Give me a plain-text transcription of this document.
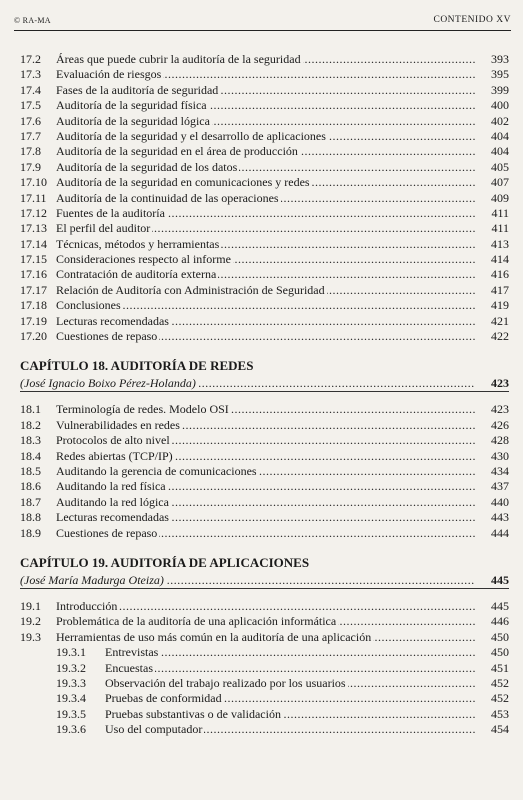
© RA-MA	CONTENIDO XV
17.2 Áreas que puede cubrir la auditoría de la seguridad .....	393
17.3 Evaluación de riesgos .....	395
17.4 Fases de la auditoría de seguridad .....	399
17.5 Auditoría de la seguridad física .....	400
17.6 Auditoría de la seguridad lógica .....	402
17.7 Auditoría de la seguridad y el desarrollo de aplicaciones .....	404
17.8 Auditoría de la seguridad en el área de producción .....	404
17.9 Auditoría de la seguridad de los datos .....	405
17.10 Auditoría de la seguridad en comunicaciones y redes .....	407
17.11 Auditoría de la continuidad de las operaciones .....	409
17.12 Fuentes de la auditoría .....	411
17.13 El perfil del auditor .....	411
17.14 Técnicas, métodos y herramientas .....	413
17.15 Consideraciones respecto al informe .....	414
17.16 Contratación de auditoría externa .....	416
17.17 Relación de Auditoría con Administración de Seguridad .....	417
17.18 Conclusiones .....	419
17.19 Lecturas recomendadas .....	421
17.20 Cuestiones de repaso .....	422
CAPÍTULO 18. AUDITORÍA DE REDES
(José Ignacio Boixo Pérez-Holanda) .....	423
18.1 Terminología de redes. Modelo OSI .....	423
18.2 Vulnerabilidades en redes .....	426
18.3 Protocolos de alto nivel .....	428
18.4 Redes abiertas (TCP/IP) .....	430
18.5 Auditando la gerencia de comunicaciones .....	434
18.6 Auditando la red física .....	437
18.7 Auditando la red lógica .....	440
18.8 Lecturas recomendadas .....	443
18.9 Cuestiones de repaso .....	444
CAPÍTULO 19. AUDITORÍA DE APLICACIONES
(José María Madurga Oteiza) .....	445
19.1 Introducción .....	445
19.2 Problemática de la auditoría de una aplicación informática .....	446
19.3 Herramientas de uso más común en la auditoría de una aplicación .....	450
19.3.1 Entrevistas .....	450
19.3.2 Encuestas .....	451
19.3.3 Observación del trabajo realizado por los usuarios .....	452
19.3.4 Pruebas de conformidad .....	452
19.3.5 Pruebas substantivas o de validación .....	453
19.3.6 Uso del computador .....	454
